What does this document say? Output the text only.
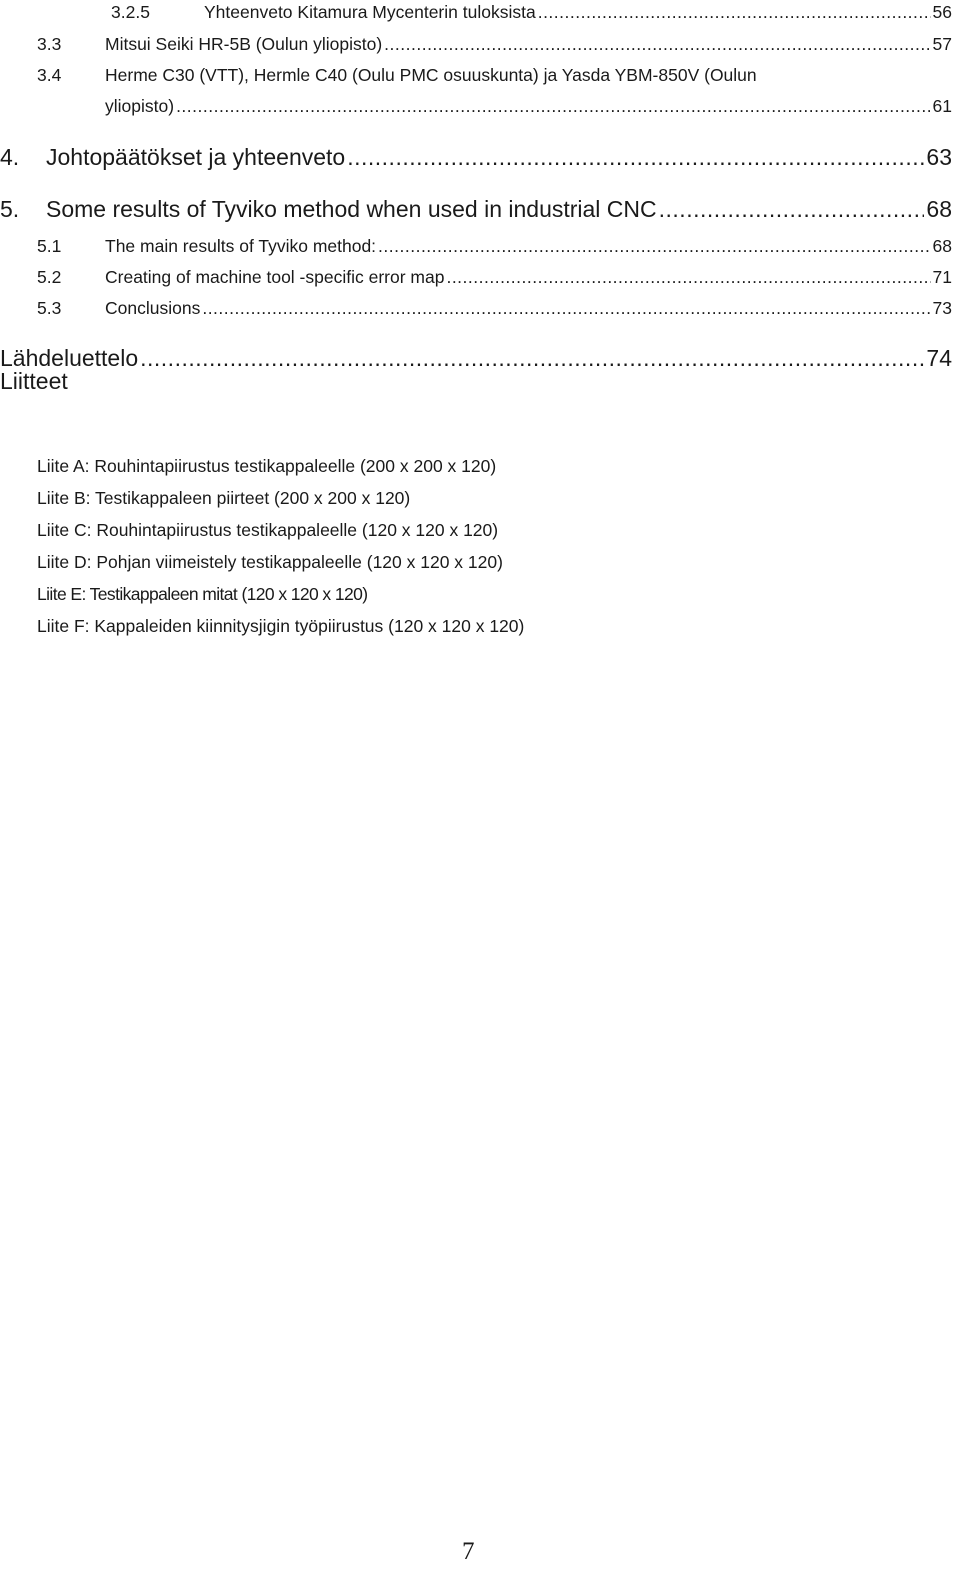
3.2.5	Yhteenveto Kitamura Mycenterin tuloksista .....	56
3.3	Mitsui Seiki HR-5B (Oulun yliopisto) .....	57
3.4 Herme C30 (VTT), Hermle C40 (Oulu PMC osuuskunta) ja Yasda YBM-850V (Oulun
yliopisto) .....	61
4.	Johtopäätökset ja yhteenveto .....	63
5.	Some results of Tyviko method when used in industrial CNC .....	68
5.1	The main results of Tyviko method: .....	68
5.2	Creating of machine tool -specific error map .....	71
5.3	Conclusions .....	73
Lähdeluettelo .....	74
Liitteet
Liite A: Rouhintapiirustus testikappaleelle (200 x 200 x 120)
Liite B: Testikappaleen piirteet (200 x 200 x 120)
Liite C: Rouhintapiirustus testikappaleelle (120 x 120 x 120)
Liite D: Pohjan viimeistely testikappaleelle (120 x 120 x 120)
Liite E: Testikappaleen mitat (120 x 120 x 120)
Liite F: Kappaleiden kiinnitysjigin työpiirustus (120 x 120 x 120)
7
